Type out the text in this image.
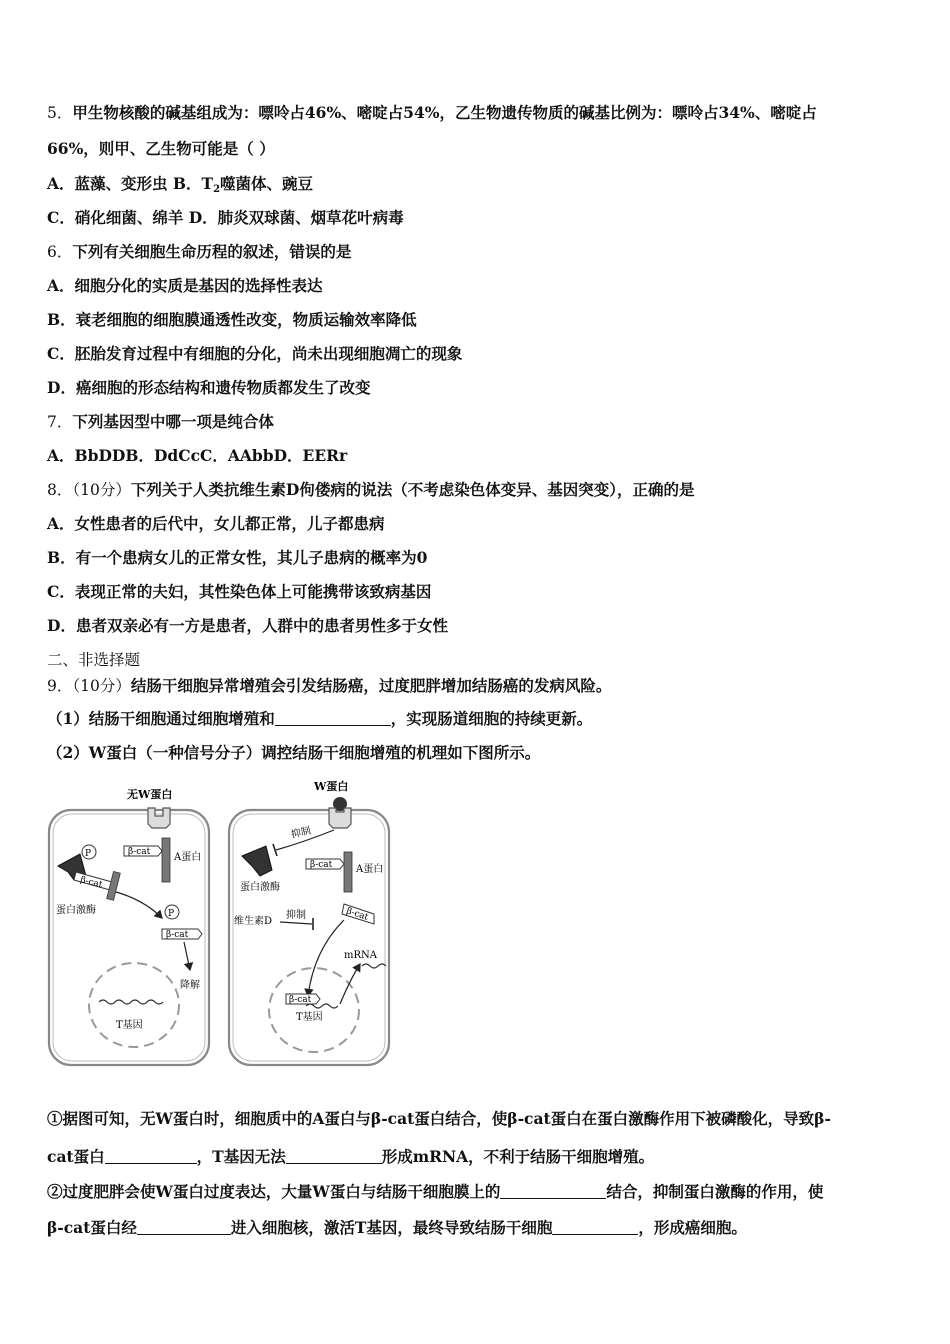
5．甲生物核酸的碱基组成为：嘌呤占46%、嘧啶占54%，乙生物遗传物质的碱基比例为：嘌呤占34%、嘧啶占
66%，则甲、乙生物可能是（ ）
A．蓝藻、变形虫 B．$T_2$噬菌体、豌豆
C．硝化细菌、绵羊 D．肺炎双球菌、烟草花叶病毒
6．下列有关细胞生命历程的叙述，错误的是
A．细胞分化的实质是基因的选择性表达
B．衰老细胞的细胞膜通透性改变，物质运输效率降低
C．胚胎发育过程中有细胞的分化，尚未出现细胞凋亡的现象
D．癌细胞的形态结构和遗传物质都发生了改变
7．下列基因型中哪一项是纯合体
A．BbDDB．DdCcC．AAbbD．EERr
8．（10分）下列关于人类抗维生素D佝偻病的说法（不考虑染色体变异、基因突变），正确的是
A．女性患者的后代中，女儿都正常，儿子都患病
B．有一个患病女儿的正常女性，其儿子患病的概率为0
C．表现正常的夫妇，其性染色体上可能携带该致病基因
D．患者双亲必有一方是患者，人群中的患者男性多于女性
二、非选择题
9．（10分）结肠干细胞异常增殖会引发结肠癌，过度肥胖增加结肠癌的发病风险。
（1）结肠干细胞通过细胞增殖和	，实现肠道细胞的持续更新。
（2）W蛋白（一种信号分子）调控结肠干细胞增殖的机理如下图所示。
无W蛋白
A蛋白
β-cat
P
β-cat
蛋白激酶	P
β-cat
降解
T基因
W蛋白
抑制
蛋白激酶
A蛋白
β-cat
β-cat
维生素D
抑制
β-cat
T基因
mRNA
①据图可知，无W蛋白时，细胞质中的A蛋白与β-cat蛋白结合，使β-cat蛋白在蛋白激酶作用下被磷酸化，导致β-
cat蛋白	，T基因无法	形成mRNA，不利于结肠干细胞增殖。
②过度肥胖会使W蛋白过度表达，大量W蛋白与结肠干细胞膜上的	结合，抑制蛋白激酶的作用，使
β-cat蛋白经	进入细胞核，激活T基因，最终导致结肠干细胞	，形成癌细胞。
